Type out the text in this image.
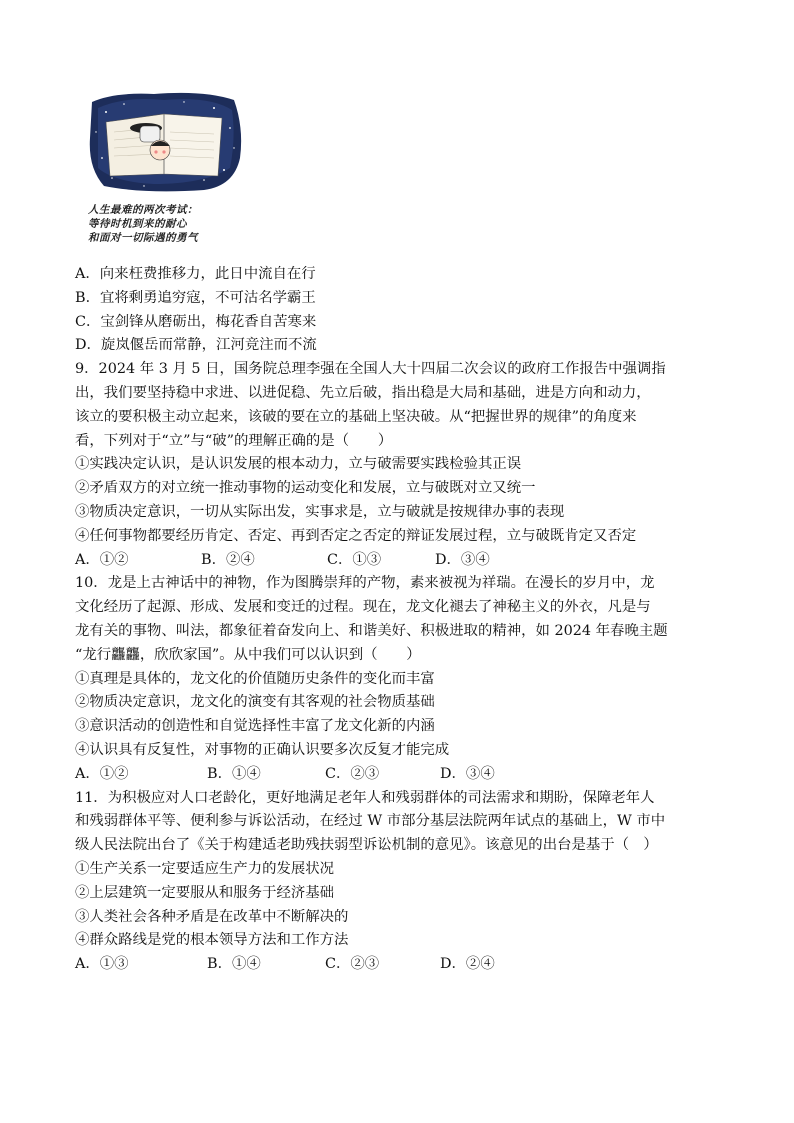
人生最难的两次考试：
等待时机到来的耐心
和面对一切际遇的勇气
A．向来枉费推移力，此日中流自在行
B．宜将剩勇追穷寇，不可沽名学霸王
C．宝剑锋从磨砺出，梅花香自苦寒来
D．旋岚偃岳而常静，江河竞注而不流
9．2024 年 3 月 5 日，国务院总理李强在全国人大十四届二次会议的政府工作报告中强调指
出，我们要坚持稳中求进、以进促稳、先立后破，指出稳是大局和基础，进是方向和动力，
该立的要积极主动立起来，该破的要在立的基础上坚决破。从“把握世界的规律”的角度来
看，下列对于“立”与“破”的理解正确的是（　　）
①实践决定认识，是认识发展的根本动力，立与破需要实践检验其正误
②矛盾双方的对立统一推动事物的运动变化和发展，立与破既对立又统一
③物质决定意识，一切从实际出发，实事求是，立与破就是按规律办事的表现
④任何事物都要经历肯定、否定、再到否定之否定的辩证发展过程，立与破既肯定又否定
A．①②	B．②④	C．①③	D．③④
10．龙是上古神话中的神物，作为图腾崇拜的产物，素来被视为祥瑞。在漫长的岁月中，龙
文化经历了起源、形成、发展和变迁的过程。现在，龙文化褪去了神秘主义的外衣，凡是与
龙有关的事物、叫法，都象征着奋发向上、和谐美好、积极进取的精神，如 2024 年春晚主题
“龙行龘龘，欣欣家国”。从中我们可以认识到（　　）
①真理是具体的，龙文化的价值随历史条件的变化而丰富
②物质决定意识，龙文化的演变有其客观的社会物质基础
③意识活动的创造性和自觉选择性丰富了龙文化新的内涵
④认识具有反复性，对事物的正确认识要多次反复才能完成
A．①②	B．①④	C．②③	D．③④
11．为积极应对人口老龄化，更好地满足老年人和残弱群体的司法需求和期盼，保障老年人
和残弱群体平等、便利参与诉讼活动，在经过 W 市部分基层法院两年试点的基础上，W 市中
级人民法院出台了《关于构建适老助残扶弱型诉讼机制的意见》。该意见的出台是基于（　）
①生产关系一定要适应生产力的发展状况
②上层建筑一定要服从和服务于经济基础
③人类社会各种矛盾是在改革中不断解决的
④群众路线是党的根本领导方法和工作方法
A．①③	B．①④	C．②③	D．②④
